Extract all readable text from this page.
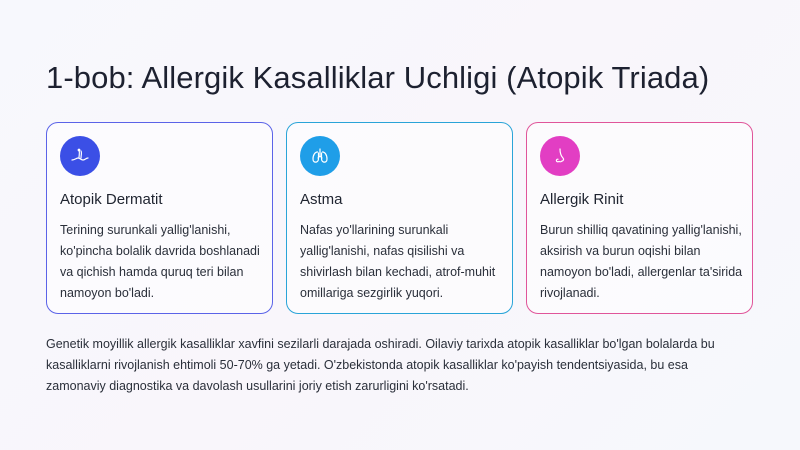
1-bob: Allergik Kasalliklar Uchligi (Atopik Triada)
Atopik Dermatit

Terining surunkali yallig'lanishi, ko'pincha bolalik davrida boshlanadi va qichish hamda quruq teri bilan namoyon bo'ladi.

Astma

Nafas yo'llarining surunkali yallig'lanishi, nafas qisilishi va shivirlash bilan kechadi, atrof-muhit omillariga sezgirlik yuqori.

Allergik Rinit

Burun shilliq qavatining yallig'lanishi, aksirish va burun oqishi bilan namoyon bo'ladi, allergenlar ta'sirida rivojlanadi.

Genetik moyillik allergik kasalliklar xavfini sezilarli darajada oshiradi. Oilaviy tarixda atopik kasalliklar bo'lgan bolalarda bu kasalliklarni rivojlanish ehtimoli 50-70% ga yetadi. O'zbekistonda atopik kasalliklar ko'payish tendentsiyasida, bu esa zamonaviy diagnostika va davolash usullarini joriy etish zarurligini ko'rsatadi.
